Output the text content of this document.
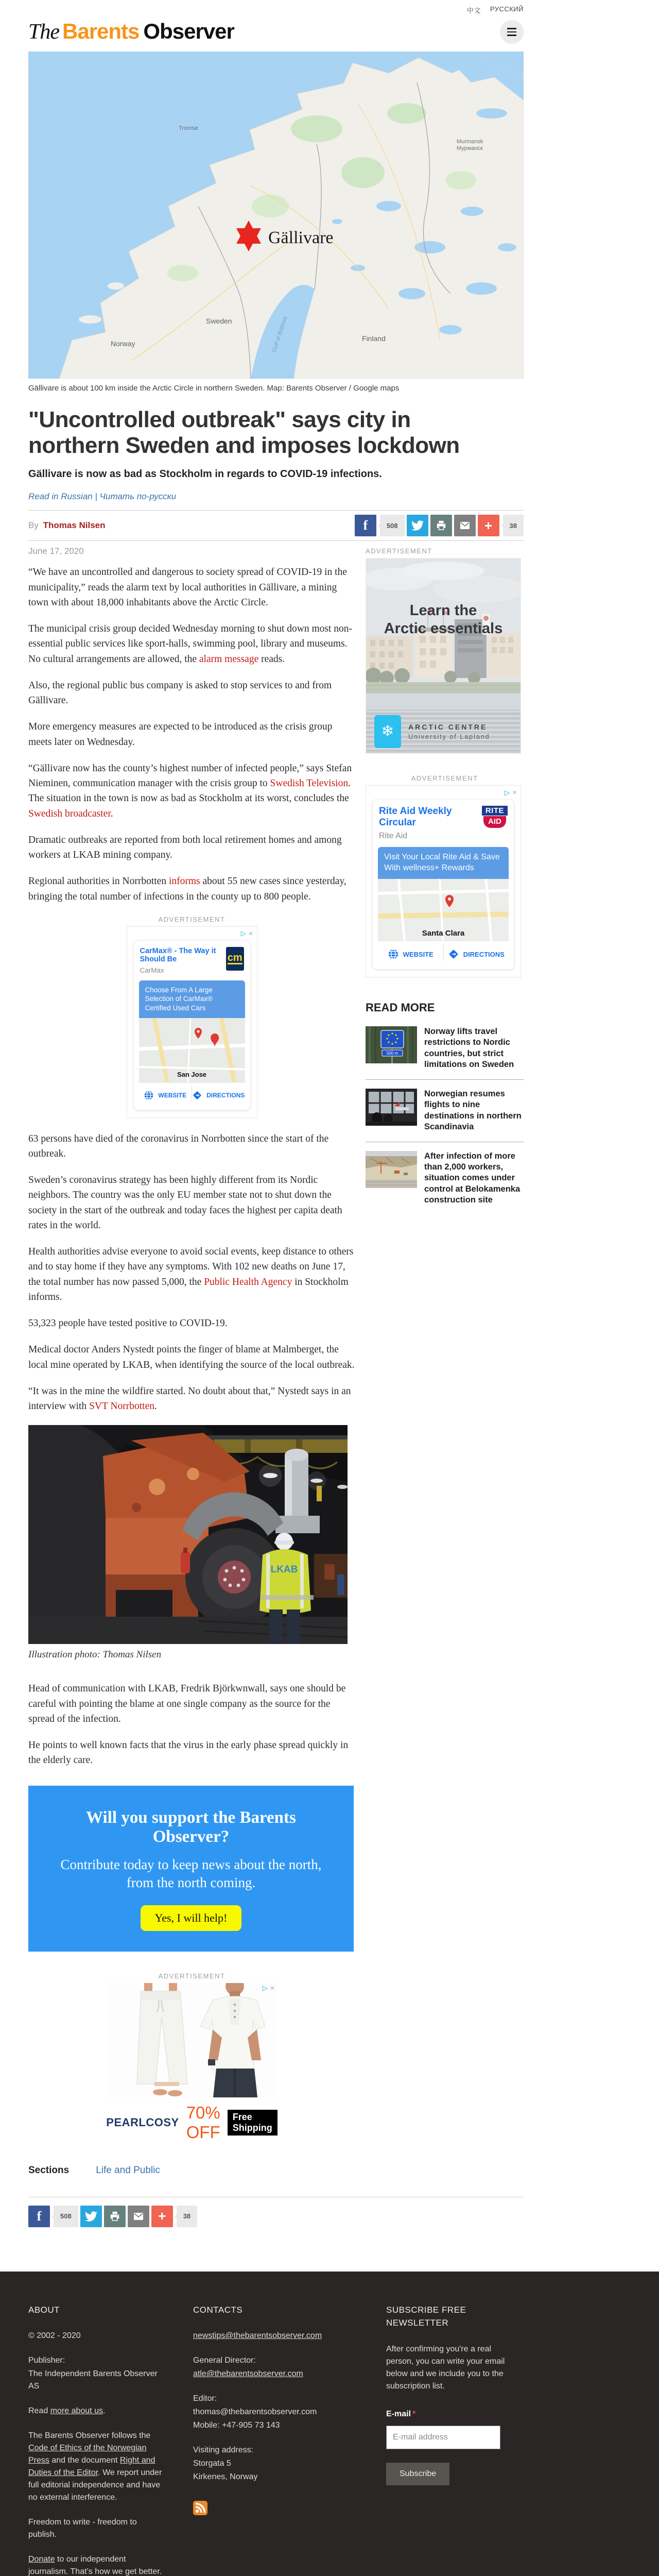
中文 РУССКИЙ
The Barents Observer
Gällivare
Tromsø
Murmansk
Мурманск
Norway
Sweden
Finland
Gulf of Bothnia
Gällivare is about 100 km inside the Arctic Circle in northern Sweden. Map: Barents Observer / Google maps
"Uncontrolled outbreak" says city in northern Sweden and imposes lockdown
Gällivare is now as bad as Stockholm in regards to COVID-19 infections.
Read in Russian | Читать по-русски
By Thomas Nilsen	f	508	+	38
June 17, 2020

“We have an uncontrolled and dangerous to society spread of COVID-19 in the municipality,” reads the alarm text by local authorities in Gällivare, a mining town with about 18,000 inhabitants above the Arctic Circle.

The municipal crisis group decided Wednesday morning to shut down most non-essential public services like sport-halls, swimming pool, library and museums. No cultural arrangements are allowed, the alarm message reads.

Also, the regional public bus company is asked to stop services to and from Gällivare.

More emergency measures are expected to be introduced as the crisis group meets later on Wednesday.

“Gällivare now has the county’s highest number of infected people,” says Stefan Nieminen, communication manager with the crisis group to Swedish Television. The situation in the town is now as bad as Stockholm at its worst, concludes the Swedish broadcaster.

Dramatic outbreaks are reported from both local retirement homes and among workers at LKAB mining company.

Regional authorities in Norrbotten informs about 55 new cases since yesterday, bringing the total number of infections in the county up to 800 people.

ADVERTISEMENT
▷ ×
CarMax® - The Way it Should Be
CarMax
cm
Choose From A Large Selection of CarMax® Certified Used Cars
San Jose
WEBSITE	DIRECTIONS

63 persons have died of the coronavirus in Norrbotten since the start of the outbreak.

Sweden’s coronavirus strategy has been highly different from its Nordic neighbors. The country was the only EU member state not to shut down the society in the start of the outbreak and today faces the highest per capita death rates in the world.

Health authorities advise everyone to avoid social events, keep distance to others and to stay home if they have any symptoms. With 102 new deaths on June 17, the total number has now passed 5,000, the Public Health Agency in Stockholm informs.

53,323 people have tested positive to COVID-19.

Medical doctor Anders Nystedt points the finger of blame at Malmberget, the local mine operated by LKAB, when identifying the source of the local outbreak.

“It was in the mine the wildfire started. No doubt about that,” Nystedt says in an interview with SVT Norrbotten.

LKAB
Illustration photo: Thomas Nilsen

Head of communication with LKAB, Fredrik Björkwnwall, says one should be careful with pointing the blame at one single company as the source for the spread of the infection.

He points to well known facts that the virus in the early phase spread quickly in the elderly care.

Will you support the Barents Observer?
Contribute today to keep news about the north, from the north coming.
Yes, I will help!
ADVERTISEMENT
▷ ×
PEARLCOSY
70% OFF
Free Shipping
Sections	Life and Public
ADVERTISEMENT
Learn the
Arctic essentials
❄	ARCTIC CENTRE
University of Lapland
ADVERTISEMENT
▷ ×
Rite Aid Weekly Circular
Rite Aid
RITE
AID
Visit Your Local Rite Aid & Save With wellness+ Rewards
Santa Clara
WEBSITE	DIRECTIONS
READ MORE
500 m
Norway lifts travel restrictions to Nordic countries, but strict limitations on Sweden
Norwegian resumes flights to nine destinations in northern Scandinavia
After infection of more than 2,000 workers, situation comes under control at Belokamenka construction site
f	508	+	38
ABOUT

© 2002 - 2020

Publisher:

The Independent Barents Observer AS

Read more about us.

The Barents Observer follows the Code of Ethics of the Norwegian Press and the document Right and Duties of the Editor. We report under full editorial independence and have no external interference.

Freedom to write - freedom to publish.

Donate to our independent journalism. That’s how we get better.

CONTACTS

newstips@thebarentsobserver.com

General Director:

atle@thebarentsobserver.com

Editor:

thomas@thebarentsobserver.com

Mobile: +47-905 73 143

Visiting address:

Storgata 5

Kirkenes, Norway

SUBSCRIBE FREE NEWSLETTER

After confirming you're a real person, you can write your email below and we include you to the subscription list.

E-mail *
E-mail address Subscribe
